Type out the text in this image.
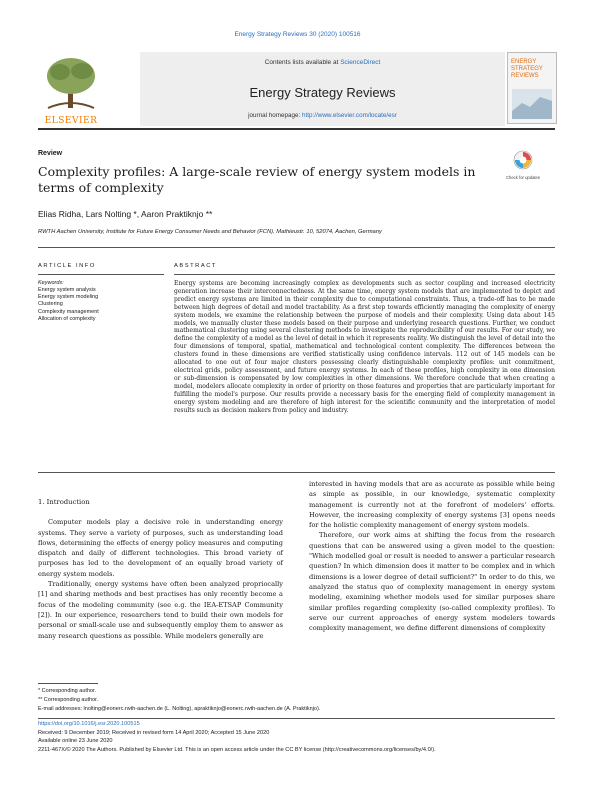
Energy Strategy Reviews 30 (2020) 100516
ELSEVIER
Contents lists available at ScienceDirect
Energy Strategy Reviews
journal homepage: http://www.elsevier.com/locate/esr
ENERGY STRATEGY REVIEWS
Review
Complexity profiles: A large-scale review of energy system models in terms of complexity
Check for updates
Elias Ridha, Lars Nolting *, Aaron Praktiknjo **
RWTH Aachen University, Institute for Future Energy Consumer Needs and Behavior (FCN), Mathieustr. 10, 52074, Aachen, Germany
ARTICLE INFO	ABSTRACT
Keywords:
Energy system analysis
Energy system modeling
Clustering
Complexity management
Allocation of complexity
Energy systems are becoming increasingly complex as developments such as sector coupling and increased electricity generation increase their interconnectedness. At the same time, energy system models that are implemented to depict and predict energy systems are limited in their complexity due to computational constraints. Thus, a trade-off has to be made between high degrees of detail and model tractability. As a first step towards efficiently managing the complexity of energy system models, we examine the relationship between the purpose of models and their complexity. Using data about 145 models, we manually cluster these models based on their purpose and underlying research questions. Further, we conduct mathematical clustering using several clustering methods to investigate the reproducibility of our results. For our study, we define the complexity of a model as the level of detail in which it represents reality. We distinguish the level of detail into the four dimensions of temporal, spatial, mathematical and technological content complexity. The differences between the clusters found in these dimensions are verified statistically using confidence intervals. 112 out of 145 models can be allocated to one out of four major clusters possessing clearly distinguishable complexity profiles: unit commitment, electrical grids, policy assessment, and future energy systems. In each of these profiles, high complexity in one dimension or sub-dimension is compensated by low complexities in other dimensions. We therefore conclude that when creating a model, modelers allocate complexity in order of priority on those features and properties that are particularly important for fulfilling the model's purpose. Our results provide a necessary basis for the emerging field of complexity management in energy system modeling and are therefore of high interest for the scientific community and the interpretation of model results such as decision makers from policy and industry.
1. Introduction

Computer models play a decisive role in understanding energy systems. They serve a variety of purposes, such as understanding load flows, determining the effects of energy policy measures and computing dispatch and daily of different technologies. This broad variety of purposes has led to the development of an equally broad variety of energy system models.

Traditionally, energy systems have often been analyzed propriocally [1] and sharing methods and best practises has only recently become a focus of the modeling community (see e.g. the IEA-ETSAP Community [2]). In our experience, researchers tend to build their own models for personal or small-scale use and subsequently employ them to answer as many research questions as possible. While modelers generally are

interested in having models that are as accurate as possible while being as simple as possible, in our knowledge, systematic complexity management is currently not at the forefront of modelers' efforts. However, the increasing complexity of energy systems [3] opens needs for the holistic complexity management of energy system models.

Therefore, our work aims at shifting the focus from the research questions that can be answered using a given model to the question: "Which modelled goal or result is needed to answer a particular research question? In which dimension does it matter to be complex and in which dimensions is a lower degree of detail sufficient?" In order to do this, we analyzed the status quo of complexity management in energy system modeling, examining whether models used for similar purposes share similar profiles regarding complexity (so-called complexity profiles). To serve our current approaches of energy system modelers towards complexity management, we define different dimensions of complexity

* Corresponding author.
** Corresponding author.
E-mail addresses: lnolting@eonerc.rwth-aachen.de (L. Nolting), apraktiknjo@eonerc.rwth-aachen.de (A. Praktiknjo).
https://doi.org/10.1016/j.esr.2020.100515
Received: 9 December 2019; Received in revised form 14 April 2020; Accepted 15 June 2020
Available online 23 June 2020
2211-467X/© 2020 The Authors. Published by Elsevier Ltd. This is an open access article under the CC BY license (http://creativecommons.org/licenses/by/4.0/).
